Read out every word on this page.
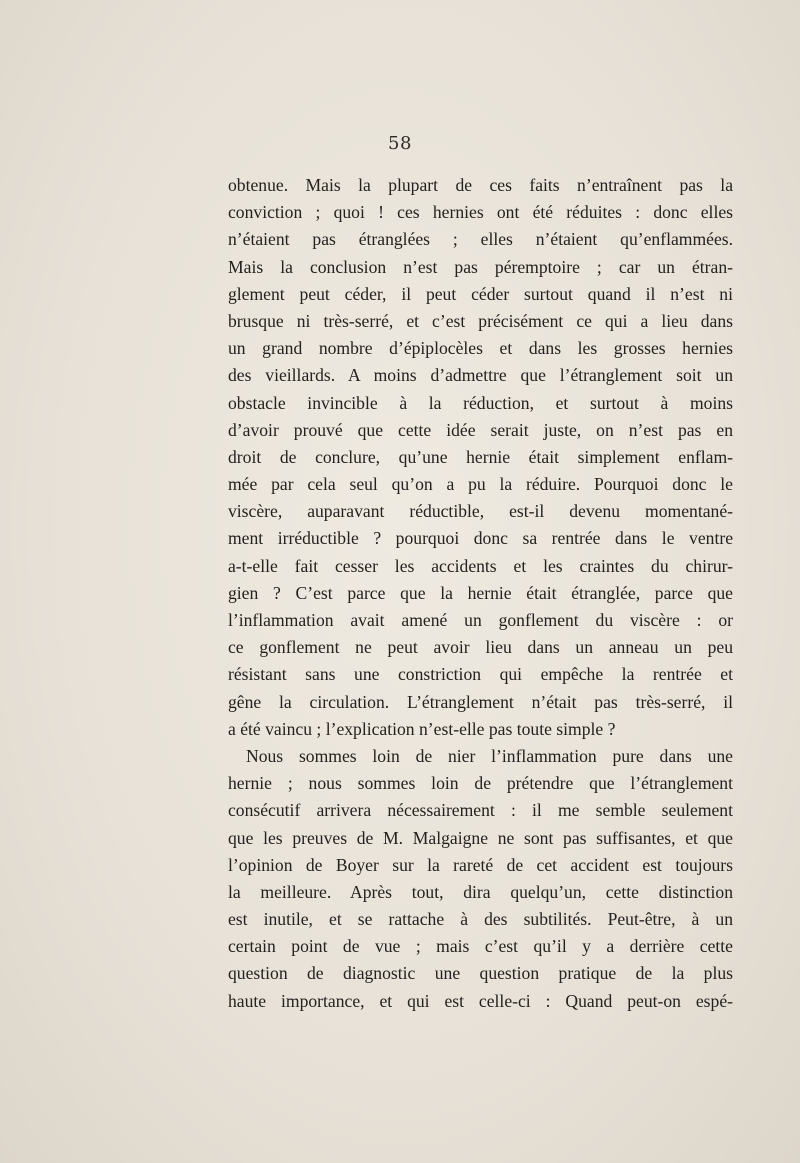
58
obtenue. Mais la plupart de ces faits n’entraînent pas la
conviction ; quoi ! ces hernies ont été réduites : donc elles
n’étaient pas étranglées ; elles n’étaient qu’enflammées.
Mais la conclusion n’est pas péremptoire ; car un étran-
glement peut céder, il peut céder surtout quand il n’est ni
brusque ni très-serré, et c’est précisément ce qui a lieu dans
un grand nombre d’épiplocèles et dans les grosses hernies
des vieillards. A moins d’admettre que l’étranglement soit un
obstacle invincible à la réduction, et surtout à moins
d’avoir prouvé que cette idée serait juste, on n’est pas en
droit de conclure, qu’une hernie était simplement enflam-
mée par cela seul qu’on a pu la réduire. Pourquoi donc le
viscère, auparavant réductible, est-il devenu momentané-
ment irréductible ? pourquoi donc sa rentrée dans le ventre
a-t-elle fait cesser les accidents et les craintes du chirur-
gien ? C’est parce que la hernie était étranglée, parce que
l’inflammation avait amené un gonflement du viscère : or
ce gonflement ne peut avoir lieu dans un anneau un peu
résistant sans une constriction qui empêche la rentrée et
gêne la circulation. L’étranglement n’était pas très-serré, il
a été vaincu ; l’explication n’est-elle pas toute simple ?
Nous sommes loin de nier l’inflammation pure dans une
hernie ; nous sommes loin de prétendre que l’étranglement
consécutif arrivera nécessairement : il me semble seulement
que les preuves de M. Malgaigne ne sont pas suffisantes, et que
l’opinion de Boyer sur la rareté de cet accident est toujours
la meilleure. Après tout, dira quelqu’un, cette distinction
est inutile, et se rattache à des subtilités. Peut-être, à un
certain point de vue ; mais c’est qu’il y a derrière cette
question de diagnostic une question pratique de la plus
haute importance, et qui est celle-ci : Quand peut-on espé-
